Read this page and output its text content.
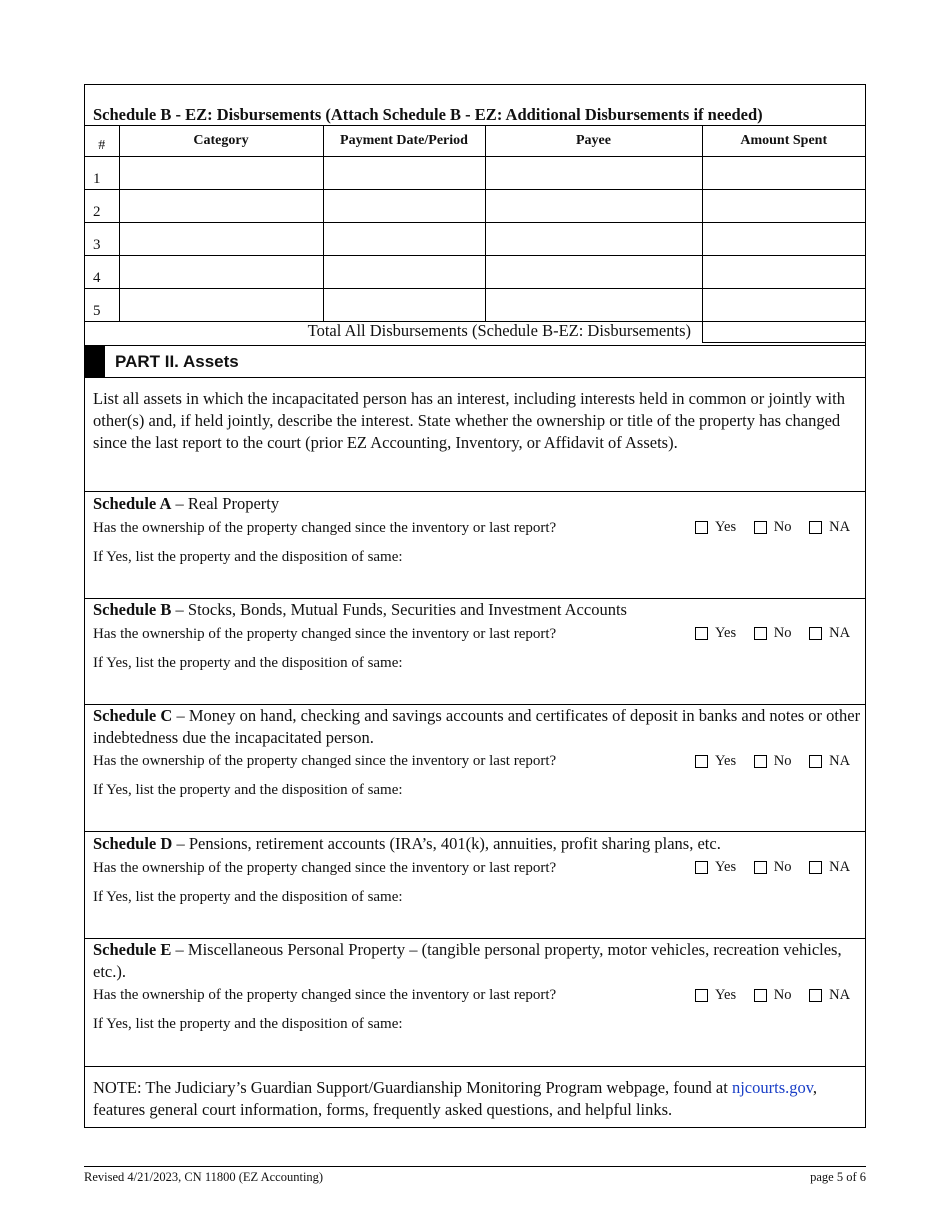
Schedule B - EZ: Disbursements (Attach Schedule B - EZ: Additional Disbursements if needed)
#	Category	Payment Date/Period	Payee	Amount Spent
1				
2				
3				
4				
5				
Total All Disbursements (Schedule B-EZ: Disbursements)
PART II. Assets
List all assets in which the incapacitated person has an interest, including interests held in common or jointly with other(s) and, if held jointly, describe the interest. State whether the ownership or title of the property has changed since the last report to the court (prior EZ Accounting, Inventory, or Affidavit of Assets).
Schedule A – Real Property
Has the ownership of the property changed since the inventory or last report?	Yes
	No
	NA
If Yes, list the property and the disposition of same:
Schedule B – Stocks, Bonds, Mutual Funds, Securities and Investment Accounts
Has the ownership of the property changed since the inventory or last report?	Yes
	No
	NA
If Yes, list the property and the disposition of same:
Schedule C – Money on hand, checking and savings accounts and certificates of deposit in banks and notes or other indebtedness due the incapacitated person.
Has the ownership of the property changed since the inventory or last report?	Yes
	No
	NA
If Yes, list the property and the disposition of same:
Schedule D – Pensions, retirement accounts (IRA’s, 401(k), annuities, profit sharing plans, etc.
Has the ownership of the property changed since the inventory or last report?	Yes
	No
	NA
If Yes, list the property and the disposition of same:
Schedule E – Miscellaneous Personal Property – (tangible personal property, motor vehicles, recreation vehicles, etc.).
Has the ownership of the property changed since the inventory or last report?	Yes
	No
	NA
If Yes, list the property and the disposition of same:
NOTE: The Judiciary’s Guardian Support/Guardianship Monitoring Program webpage, found at njcourts.gov, features general court information, forms, frequently asked questions, and helpful links.
Revised 4/21/2023, CN 11800 (EZ Accounting)	page 5 of 6
